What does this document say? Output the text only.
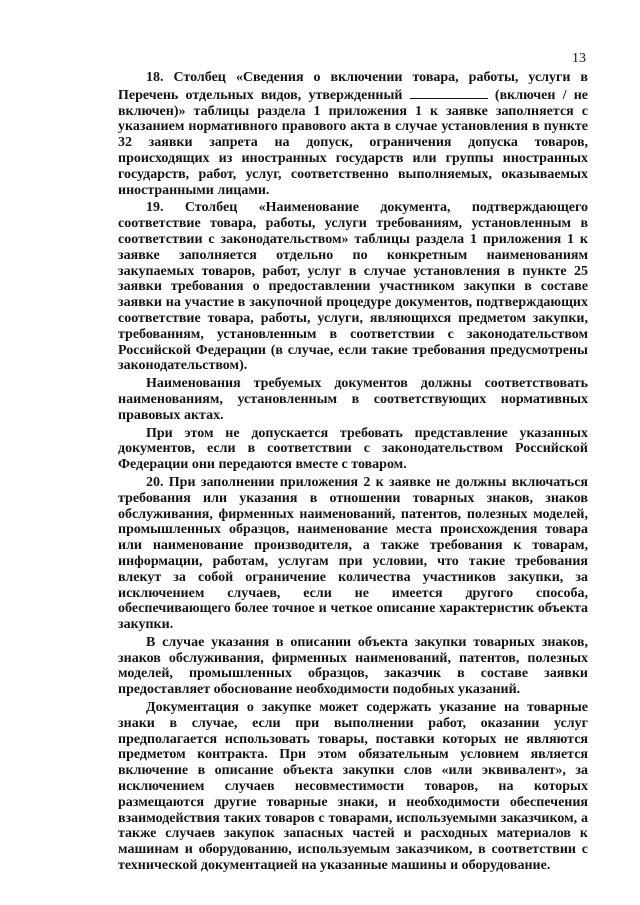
13

18. Столбец «Сведения о включении товара, работы, услуги в Перечень отдельных видов, утвержденный	(включен / не включен)» таблицы раздела 1 приложения 1 к заявке заполняется с указанием нормативного правового акта в случае установления в пункте 32 заявки запрета на допуск, ограничения допуска товаров, происходящих из иностранных государств или группы иностранных государств, работ, услуг, соответственно выполняемых, оказываемых иностранными лицами.

19. Столбец «Наименование документа, подтверждающего соответствие товара, работы, услуги требованиям, установленным в соответствии с законодательством» таблицы раздела 1 приложения 1 к заявке заполняется отдельно по конкретным наименованиям закупаемых товаров, работ, услуг в случае установления в пункте 25 заявки требования о предоставлении участником закупки в составе заявки на участие в закупочной процедуре документов, подтверждающих соответствие товара, работы, услуги, являющихся предметом закупки, требованиям, установленным в соответствии с законодательством Российской Федерации (в случае, если такие требования предусмотрены законодательством).

Наименования требуемых документов должны соответствовать наименованиям, установленным в соответствующих нормативных правовых актах.

При этом не допускается требовать представление указанных документов, если в соответствии с законодательством Российской Федерации они передаются вместе с товаром.

20. При заполнении приложения 2 к заявке не должны включаться требования или указания в отношении товарных знаков, знаков обслуживания, фирменных наименований, патентов, полезных моделей, промышленных образцов, наименование места происхождения товара или наименование производителя, а также требования к товарам, информации, работам, услугам при условии, что такие требования влекут за собой ограничение количества участников закупки, за исключением случаев, если не имеется другого способа, обеспечивающего более точное и четкое описание характеристик объекта закупки.

В случае указания в описании объекта закупки товарных знаков, знаков обслуживания, фирменных наименований, патентов, полезных моделей, промышленных образцов, заказчик в составе заявки предоставляет обоснование необходимости подобных указаний.

Документация о закупке может содержать указание на товарные знаки в случае, если при выполнении работ, оказании услуг предполагается использовать товары, поставки которых не являются предметом контракта. При этом обязательным условием является включение в описание объекта закупки слов «или эквивалент», за исключением случаев несовместимости товаров, на которых размещаются другие товарные знаки, и необходимости обеспечения взаимодействия таких товаров с товарами, используемыми заказчиком, а также случаев закупок запасных частей и расходных материалов к машинам и оборудованию, используемым заказчиком, в соответствии с технической документацией на указанные машины и оборудование.
